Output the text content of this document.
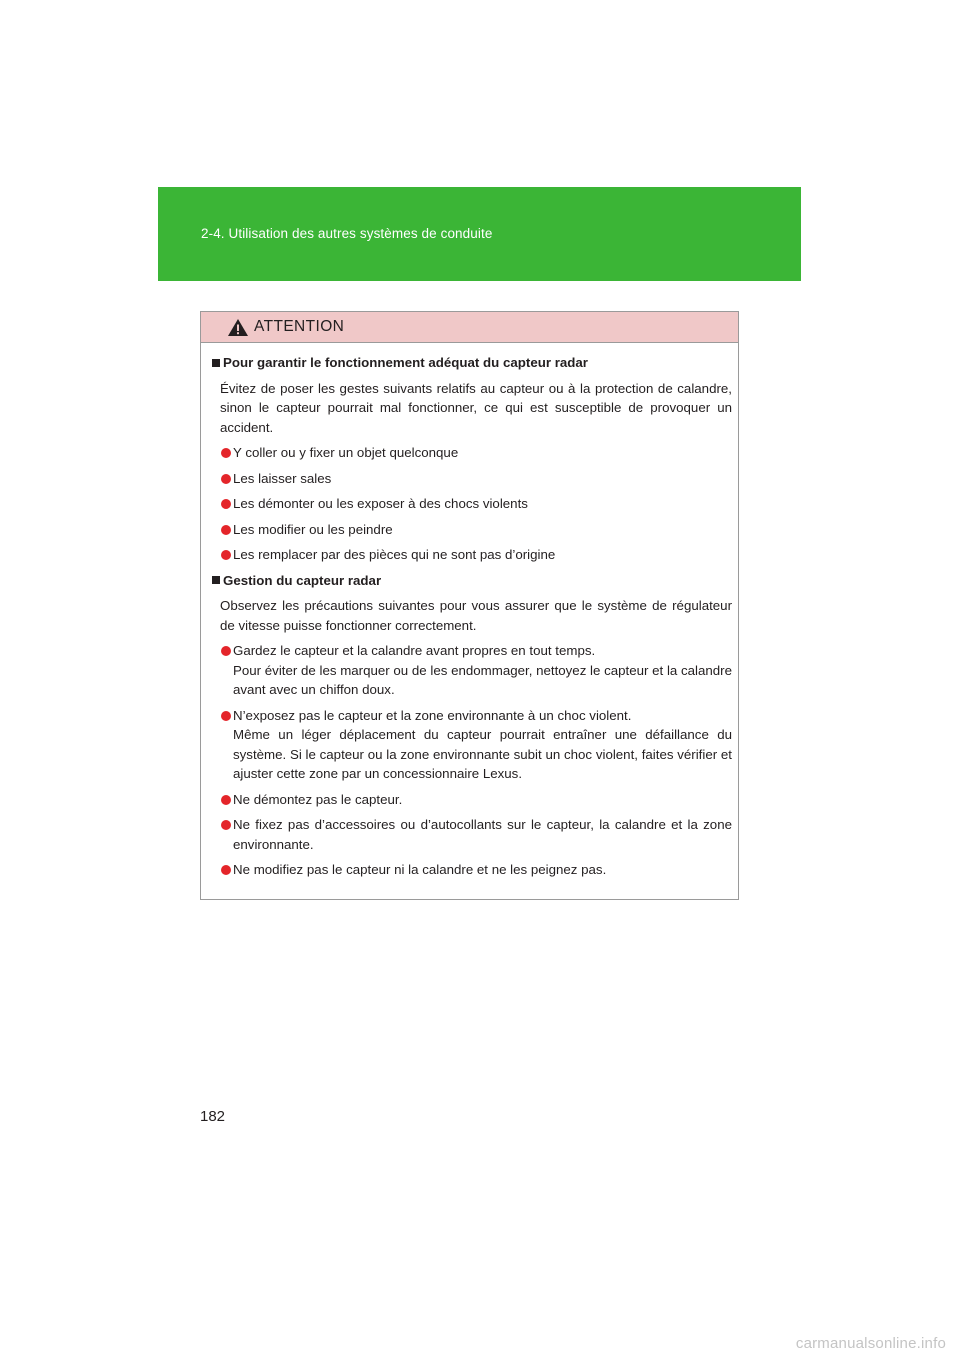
2-4. Utilisation des autres systèmes de conduite
ATTENTION
Pour garantir le fonctionnement adéquat du capteur radar
Évitez de poser les gestes suivants relatifs au capteur ou à la protection de calandre, sinon le capteur pourrait mal fonctionner, ce qui est susceptible de provoquer un accident.
Y coller ou y fixer un objet quelconque
Les laisser sales
Les démonter ou les exposer à des chocs violents
Les modifier ou les peindre
Les remplacer par des pièces qui ne sont pas d’origine
Gestion du capteur radar
Observez les précautions suivantes pour vous assurer que le système de régulateur de vitesse puisse fonctionner correctement.
Gardez le capteur et la calandre avant propres en tout temps.
Pour éviter de les marquer ou de les endommager, nettoyez le capteur et la calandre avant avec un chiffon doux.
N’exposez pas le capteur et la zone environnante à un choc violent.
Même un léger déplacement du capteur pourrait entraîner une défaillance du système. Si le capteur ou la zone environnante subit un choc violent, faites vérifier et ajuster cette zone par un concessionnaire Lexus.
Ne démontez pas le capteur.
Ne fixez pas d’accessoires ou d’autocollants sur le capteur, la calandre et la zone environnante.
Ne modifiez pas le capteur ni la calandre et ne les peignez pas.
182
carmanualsonline.info
